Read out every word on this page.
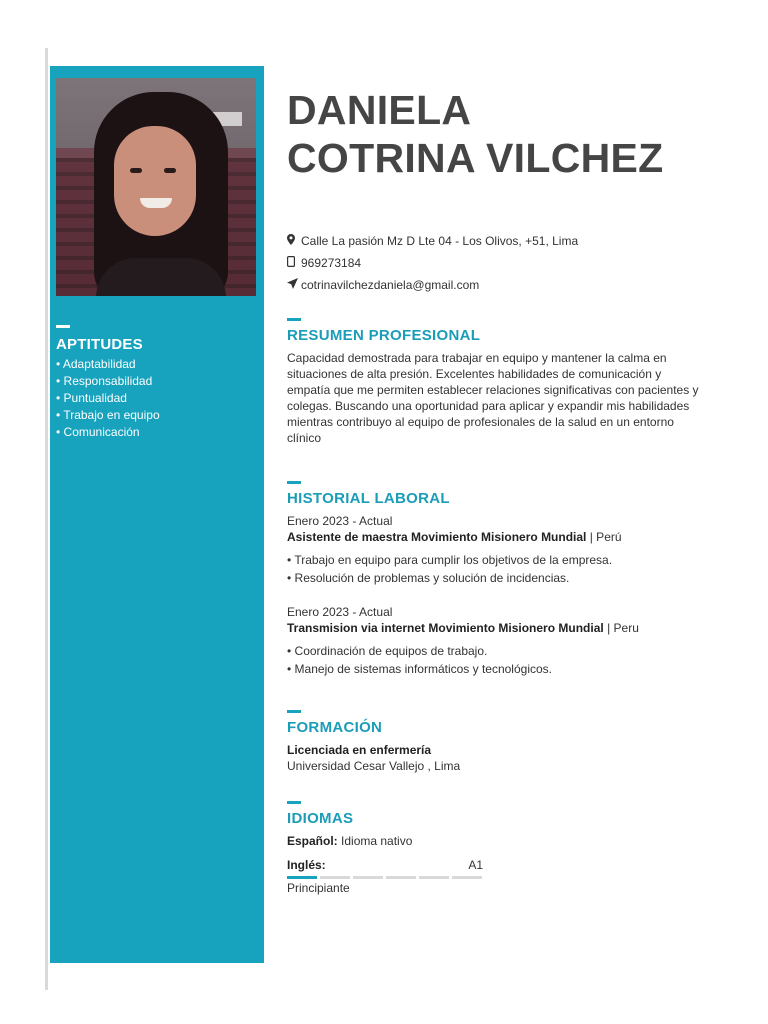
APTITUDES
• Adaptabilidad
• Responsabilidad
• Puntualidad
• Trabajo en equipo
• Comunicación
DANIELA
COTRINA VILCHEZ
Calle La pasión Mz D Lte 04 - Los Olivos, +51, Lima
969273184
cotrinavilchezdaniela@gmail.com
RESUMEN PROFESIONAL

Capacidad demostrada para trabajar en equipo y mantener la calma en situaciones de alta presión. Excelentes habilidades de comunicación y empatía que me permiten establecer relaciones significativas con pacientes y colegas. Buscando una oportunidad para aplicar y expandir mis habilidades mientras contribuyo al equipo de profesionales de la salud en un entorno clínico

HISTORIAL LABORAL
Enero 2023 - Actual
Asistente de maestra Movimiento Misionero Mundial | Perú
• Trabajo en equipo para cumplir los objetivos de la empresa.
• Resolución de problemas y solución de incidencias.
Enero 2023 - Actual
Transmision via internet Movimiento Misionero Mundial | Peru
• Coordinación de equipos de trabajo.
• Manejo de sistemas informáticos y tecnológicos.
FORMACIÓN
Licenciada en enfermería
Universidad Cesar Vallejo , Lima
IDIOMAS
Español: Idioma nativo
Inglés:	A1
Principiante
